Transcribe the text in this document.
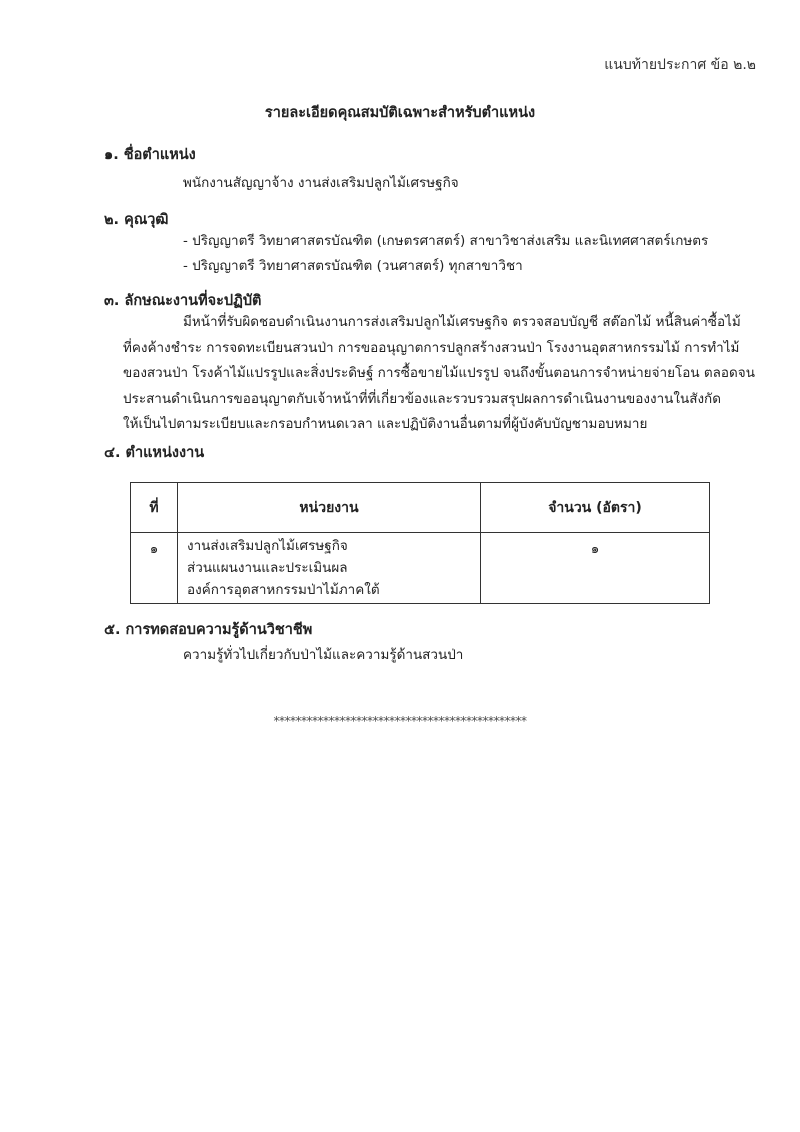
แนบท้ายประกาศ ข้อ ๒.๒
รายละเอียดคุณสมบัติเฉพาะสำหรับตำแหน่ง
๑. ชื่อตำแหน่ง
พนักงานสัญญาจ้าง งานส่งเสริมปลูกไม้เศรษฐกิจ
๒. คุณวุฒิ
- ปริญญาตรี วิทยาศาสตรบัณฑิต (เกษตรศาสตร์) สาขาวิชาส่งเสริม และนิเทศศาสตร์เกษตร
- ปริญญาตรี วิทยาศาสตรบัณฑิต (วนศาสตร์) ทุกสาขาวิชา
๓. ลักษณะงานที่จะปฏิบัติ
มีหน้าที่รับผิดชอบดำเนินงานการส่งเสริมปลูกไม้เศรษฐกิจ ตรวจสอบบัญชี สต๊อกไม้ หนี้สินค่าซื้อไม้
ที่คงค้างชำระ การจดทะเบียนสวนป่า การขออนุญาตการปลูกสร้างสวนป่า โรงงานอุตสาหกรรมไม้ การทำไม้
ของสวนป่า โรงค้าไม้แปรรูปและสิ่งประดิษฐ์ การซื้อขายไม้แปรรูป จนถึงขั้นตอนการจำหน่ายจ่ายโอน ตลอดจน
ประสานดำเนินการขออนุญาตกับเจ้าหน้าที่ที่เกี่ยวข้องและรวบรวมสรุปผลการดำเนินงานของงานในสังกัด
ให้เป็นไปตามระเบียบและกรอบกำหนดเวลา และปฏิบัติงานอื่นตามที่ผู้บังคับบัญชามอบหมาย
๔. ตำแหน่งงาน
ที่	หน่วยงาน	จำนวน (อัตรา)
๑	งานส่งเสริมปลูกไม้เศรษฐกิจ
ส่วนแผนงานและประเมินผล
องค์การอุตสาหกรรมป่าไม้ภาคใต้	๑
๕. การทดสอบความรู้ด้านวิชาชีพ
ความรู้ทั่วไปเกี่ยวกับป่าไม้และความรู้ด้านสวนป่า
**********************************************
